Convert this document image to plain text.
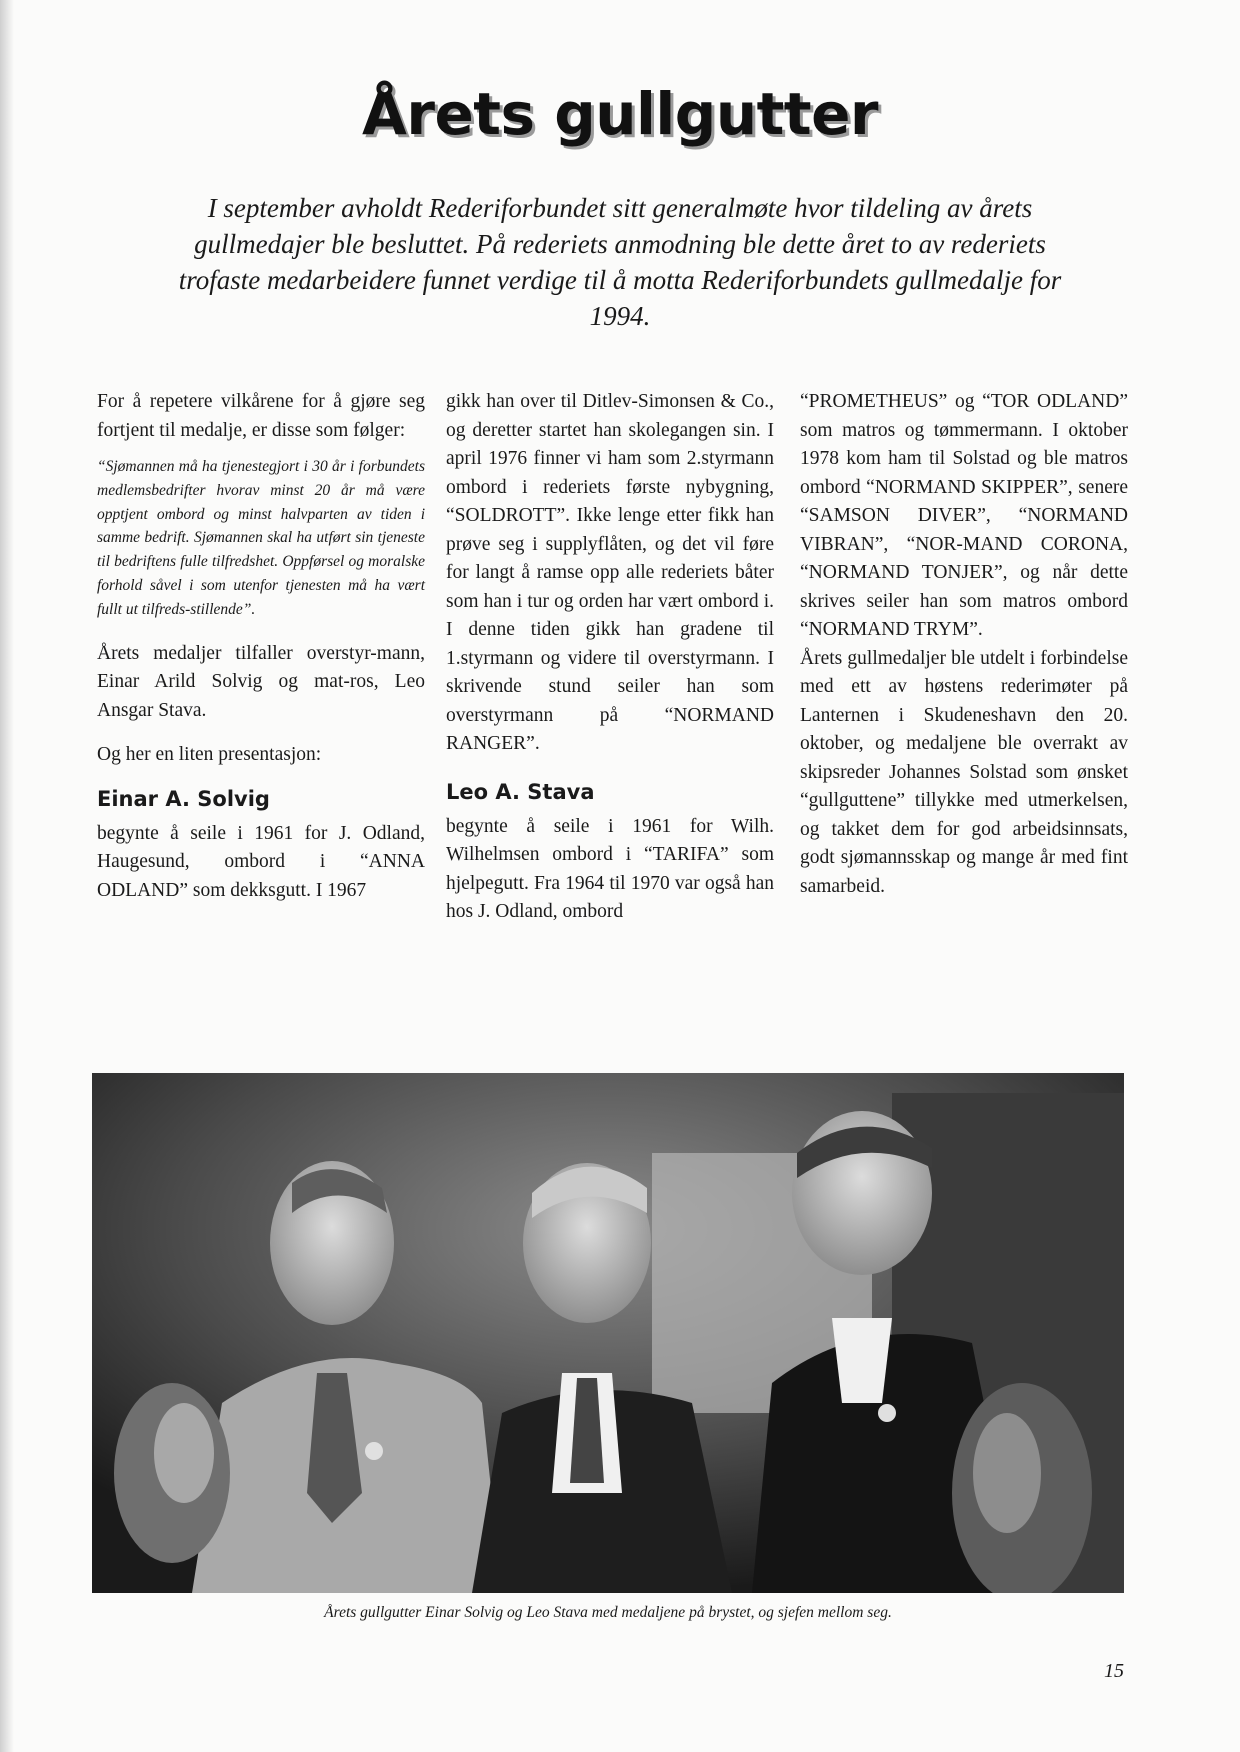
Årets gullgutter
I september avholdt Rederiforbundet sitt generalmøte hvor tildeling av årets gullmedajer ble besluttet. På rederiets anmodning ble dette året to av rederiets trofaste medarbeidere funnet verdige til å motta Rederiforbundets gullmedalje for 1994.

For å repetere vilkårene for å gjøre seg fortjent til medalje, er disse som følger:

“Sjømannen må ha tjenestegjort i 30 år i forbundets medlemsbedrifter hvorav minst 20 år må være opptjent ombord og minst halvparten av tiden i samme bedrift. Sjømannen skal ha utført sin tjeneste til bedriftens fulle tilfredshet. Oppførsel og moralske forhold såvel i som utenfor tjenesten må ha vært fullt ut tilfreds-stillende”.

Årets medaljer tilfaller overstyr-mann, Einar Arild Solvig og mat-ros, Leo Ansgar Stava.

Og her en liten presentasjon:

Einar A. Solvig

begynte å seile i 1961 for J. Odland, Haugesund, ombord i “ANNA ODLAND” som dekksgutt. I 1967

gikk han over til Ditlev-Simonsen & Co., og deretter startet han skolegangen sin. I april 1976 finner vi ham som 2.styrmann ombord i rederiets første nybygning, “SOLDROTT”. Ikke lenge etter fikk han prøve seg i supplyflåten, og det vil føre for langt å ramse opp alle rederiets båter som han i tur og orden har vært ombord i. I denne tiden gikk han gradene til 1.styrmann og videre til overstyrmann. I skrivende stund seiler han som overstyrmann på “NORMAND RANGER”.

Leo A. Stava

begynte å seile i 1961 for Wilh. Wilhelmsen ombord i “TARIFA” som hjelpegutt. Fra 1964 til 1970 var også han hos J. Odland, ombord

“PROMETHEUS” og “TOR ODLAND” som matros og tømmermann. I oktober 1978 kom ham til Solstad og ble matros ombord “NORMAND SKIPPER”, senere “SAMSON DIVER”, “NORMAND VIBRAN”, “NOR-MAND CORONA, “NORMAND TONJER”, og når dette skrives seiler han som matros ombord “NORMAND TRYM”.

Årets gullmedaljer ble utdelt i forbindelse med ett av høstens rederimøter på Lanternen i Skudeneshavn den 20. oktober, og medaljene ble overrakt av skipsreder Johannes Solstad som ønsket “gullguttene” tillykke med utmerkelsen, og takket dem for god arbeidsinnsats, godt sjømannsskap og mange år med fint samarbeid.

Årets gullgutter Einar Solvig og Leo Stava med medaljene på brystet, og sjefen mellom seg.
15
